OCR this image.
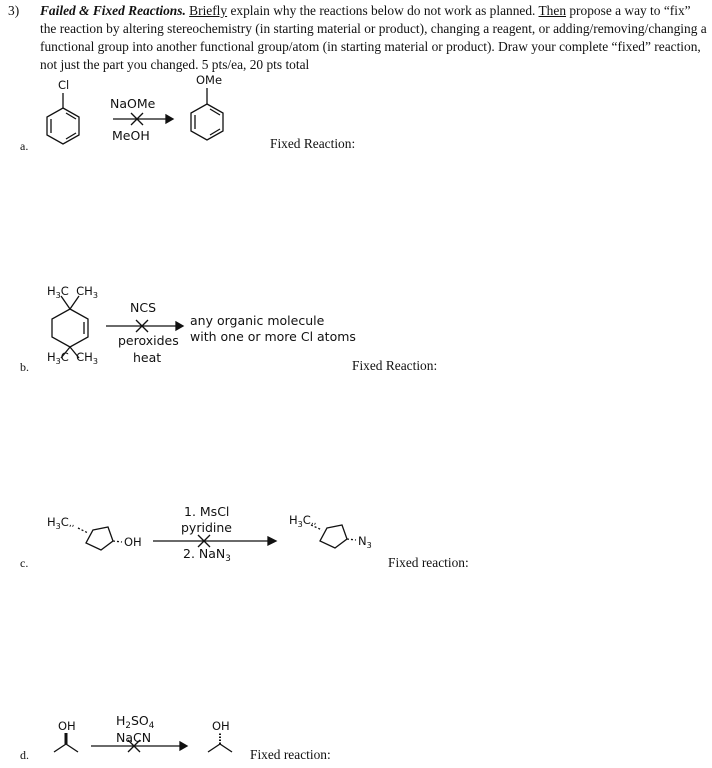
3) Failed & Fixed Reactions. Briefly explain why the reactions below do not work as planned. Then propose a way to “fix” the reaction by altering stereochemistry (in starting material or product), changing a reagent, or adding/removing/changing a functional group into another functional group/atom (in starting material or product). Draw your complete “fixed” reaction, not just the part you changed. 5 pts/ea, 20 pts total
a.
Cl
NaOMe
MeOH
OMe
Fixed Reaction:
b.
$H_3C$  $CH_3$
$H_3C$  $CH_3$
NCS
peroxides
heat
any organic molecule
with one or more Cl atoms
Fixed Reaction:
c.
$H_3C$,,
OH
1. MsCl
pyridine
2. NaN$_3$
$H_3C$,,
$N_3$
Fixed reaction:
d.
OH	$H_2SO_4$
NaCN
OH
Fixed reaction:
